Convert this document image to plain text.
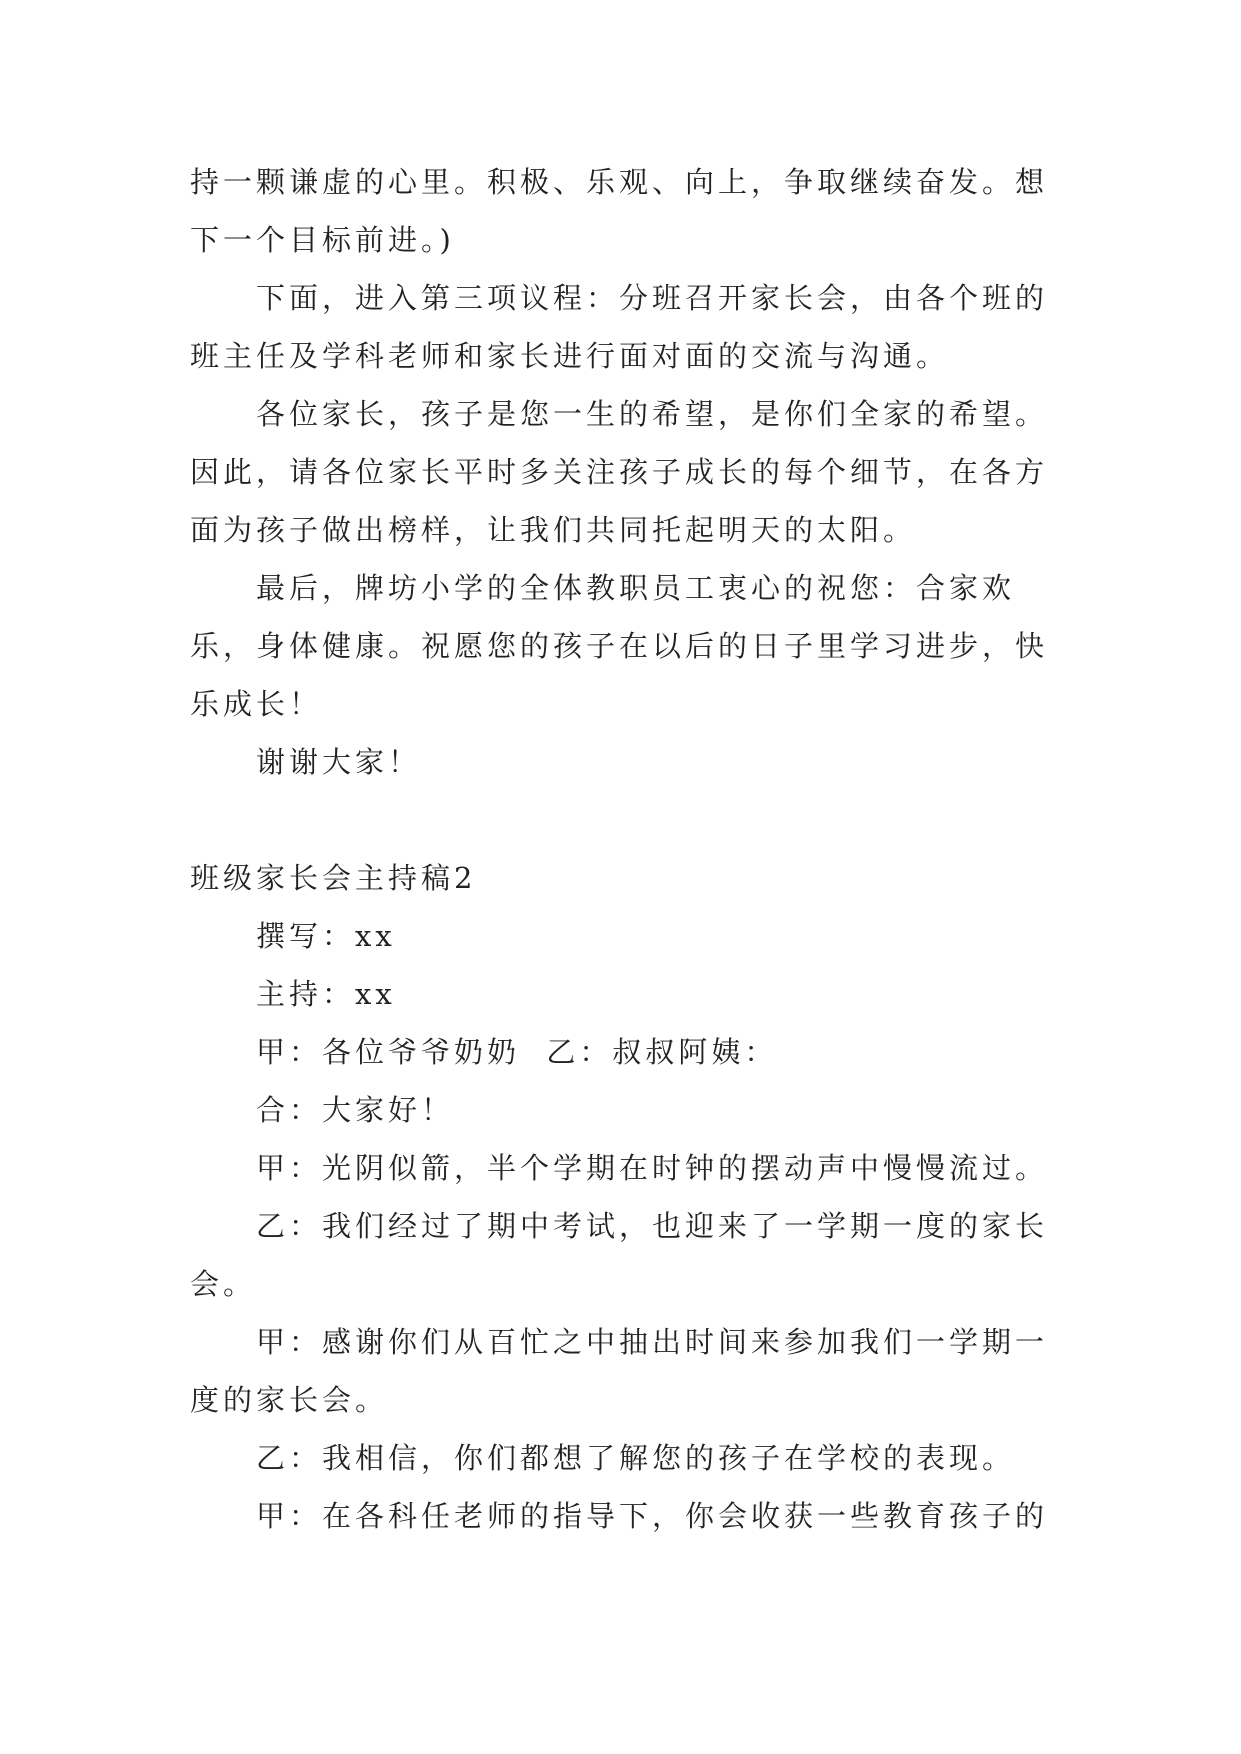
持一颗谦虚的心里。积极、乐观、向上，争取继续奋发。想下一个目标前进。)

下面，进入第三项议程：分班召开家长会，由各个班的班主任及学科老师和家长进行面对面的交流与沟通。

各位家长，孩子是您一生的希望，是你们全家的希望。因此，请各位家长平时多关注孩子成长的每个细节，在各方面为孩子做出榜样，让我们共同托起明天的太阳。

最后，牌坊小学的全体教职员工衷心的祝您：合家欢乐，身体健康。祝愿您的孩子在以后的日子里学习进步，快乐成长！

谢谢大家！

班级家长会主持稿2

撰写：xx

主持：xx

甲：各位爷爷奶奶  乙：叔叔阿姨：

合：大家好！

甲：光阴似箭，半个学期在时钟的摆动声中慢慢流过。

乙：我们经过了期中考试，也迎来了一学期一度的家长会。

甲：感谢你们从百忙之中抽出时间来参加我们一学期一度的家长会。

乙：我相信，你们都想了解您的孩子在学校的表现。

甲：在各科任老师的指导下，你会收获一些教育孩子的
